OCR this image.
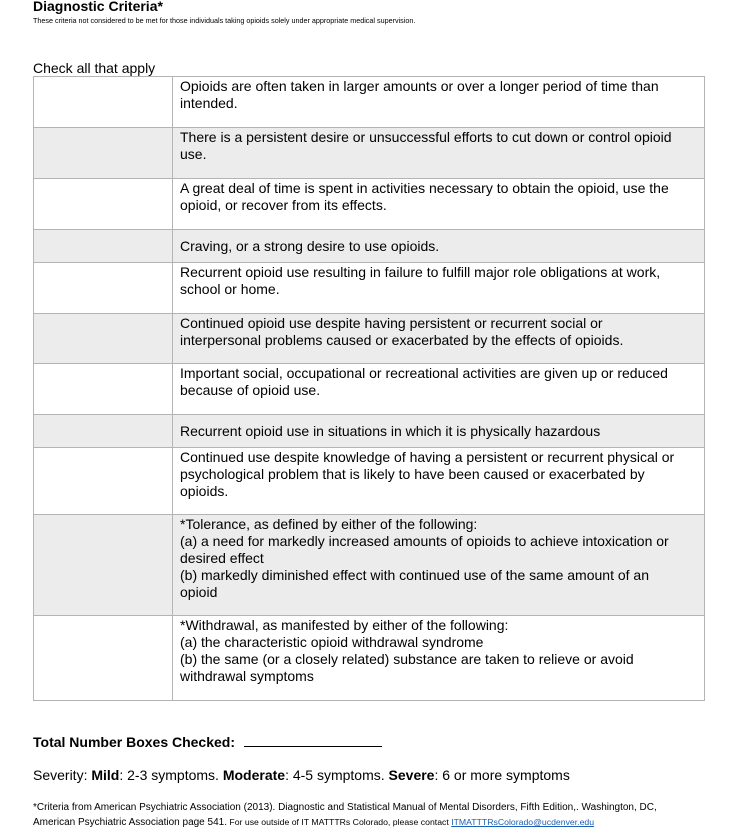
Diagnostic Criteria*
These criteria not considered to be met for those individuals taking opioids solely under appropriate medical supervision.
Check all that apply

	Opioids are often taken in larger amounts or over a longer period of time than
intended.

	There is a persistent desire or unsuccessful efforts to cut down or control opioid
use.

	A great deal of time is spent in activities necessary to obtain the opioid, use the
opioid, or recover from its effects.

	Craving, or a strong desire to use opioids.

	Recurrent opioid use resulting in failure to fulfill major role obligations at work,
school or home.

	Continued opioid use despite having persistent or recurrent social or
interpersonal problems caused or exacerbated by the effects of opioids.

	Important social, occupational or recreational activities are given up or reduced
because of opioid use.

	Recurrent opioid use in situations in which it is physically hazardous

	Continued use despite knowledge of having a persistent or recurrent physical or
psychological problem that is likely to have been caused or exacerbated by
opioids.

	*Tolerance, as defined by either of the following:
(a) a need for markedly increased amounts of opioids to achieve intoxication or
desired effect
(b) markedly diminished effect with continued use of the same amount of an
opioid

	*Withdrawal, as manifested by either of the following:
(a) the characteristic opioid withdrawal syndrome
(b) the same (or a closely related) substance are taken to relieve or avoid
withdrawal symptoms
Total Number Boxes Checked:
Severity: Mild: 2-3 symptoms. Moderate: 4-5 symptoms. Severe: 6 or more symptoms
*Criteria from American Psychiatric Association (2013). Diagnostic and Statistical Manual of Mental Disorders, Fifth Edition,. Washington, DC,
American Psychiatric Association page 541. For use outside of IT MATTTRs Colorado, please contact ITMATTTRsColorado@ucdenver.edu
